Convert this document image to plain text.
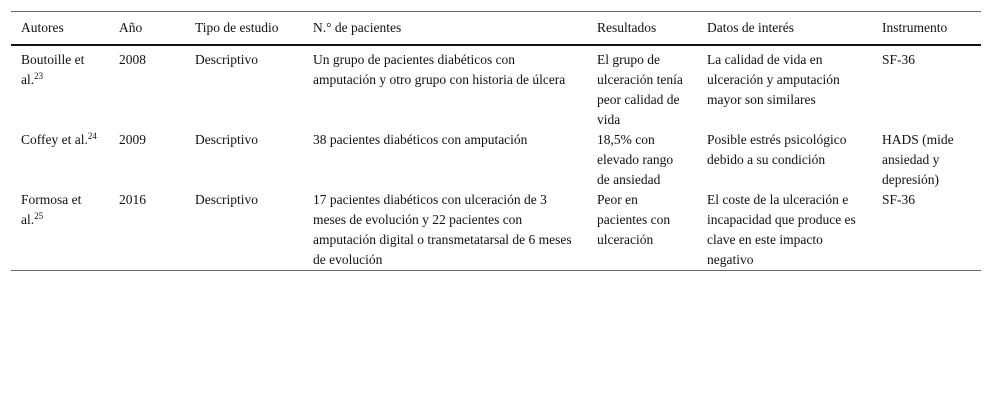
Autores	Año	Tipo de estudio	N.° de pacientes	Resultados	Datos de interés	Instrumento
Boutoille et al.$^{23}$	2008	Descriptivo	Un grupo de pacientes diabéticos con amputación y otro grupo con historia de úlcera	El grupo de ulceración tenía peor calidad de vida	La calidad de vida en ulceración y amputación mayor son similares	SF-36
Coffey et al.$^{24}$	2009	Descriptivo	38 pacientes diabéticos con amputación	18,5% con elevado rango de ansiedad	Posible estrés psicológico debido a su condición	HADS (mide ansiedad y depresión)
Formosa et al.$^{25}$	2016	Descriptivo	17 pacientes diabéticos con ulceración de 3 meses de evolución y 22 pacientes con amputación digital o transmetatarsal de 6 meses de evolución	Peor en pacientes con ulceración	El coste de la ulceración e incapacidad que produce es clave en este impacto negativo	SF-36
